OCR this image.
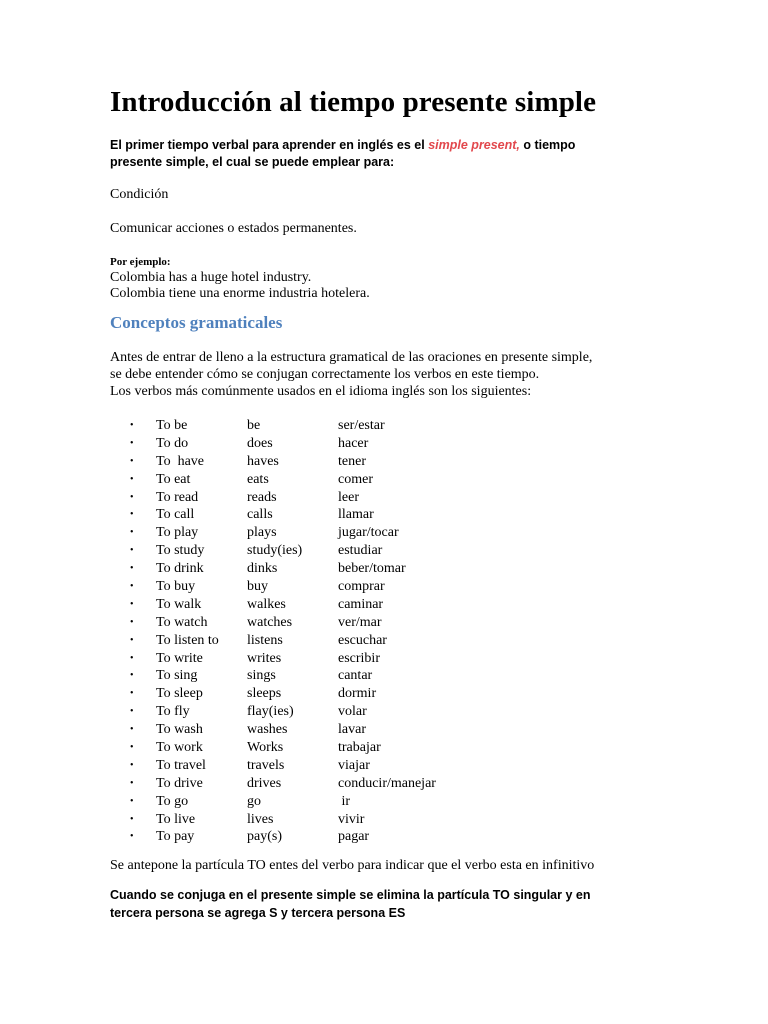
Introducción al tiempo presente simple
El primer tiempo verbal para aprender en inglés es el simple present, o tiempo presente simple, el cual se puede emplear para:
Condición
Comunicar acciones o estados permanentes.
Por ejemplo:
Colombia has a huge hotel industry.
Colombia tiene una enorme industria hotelera.
Conceptos gramaticales
Antes de entrar de lleno a la estructura gramatical de las oraciones en presente simple,
se debe entender cómo se conjugan correctamente los verbos en este tiempo.
Los verbos más comúnmente usados en el idioma inglés son los siguientes:
•	To be	be	ser/estar
•	To do	does	hacer
•	To  have	haves	tener
•	To eat	eats	comer
•	To read	reads	leer
•	To call	calls	llamar
•	To play	plays	jugar/tocar
•	To study	study(ies)	estudiar
•	To drink	dinks	beber/tomar
•	To buy	buy	comprar
•	To walk	walkes	caminar
•	To watch	watches	ver/mar
•	To listen to	listens	escuchar
•	To write	writes	escribir
•	To sing	sings	cantar
•	To sleep	sleeps	dormir
•	To fly	flay(ies)	volar
•	To wash	washes	lavar
•	To work	Works	trabajar
•	To travel	travels	viajar
•	To drive	drives	conducir/manejar
•	To go	go	ir
•	To live	lives	vivir
•	To pay	pay(s)	pagar
Se antepone la partícula TO entes del verbo para indicar que el verbo esta en infinitivo
Cuando se conjuga en el presente simple se elimina la partícula TO singular y en tercera persona se agrega S y tercera persona ES
